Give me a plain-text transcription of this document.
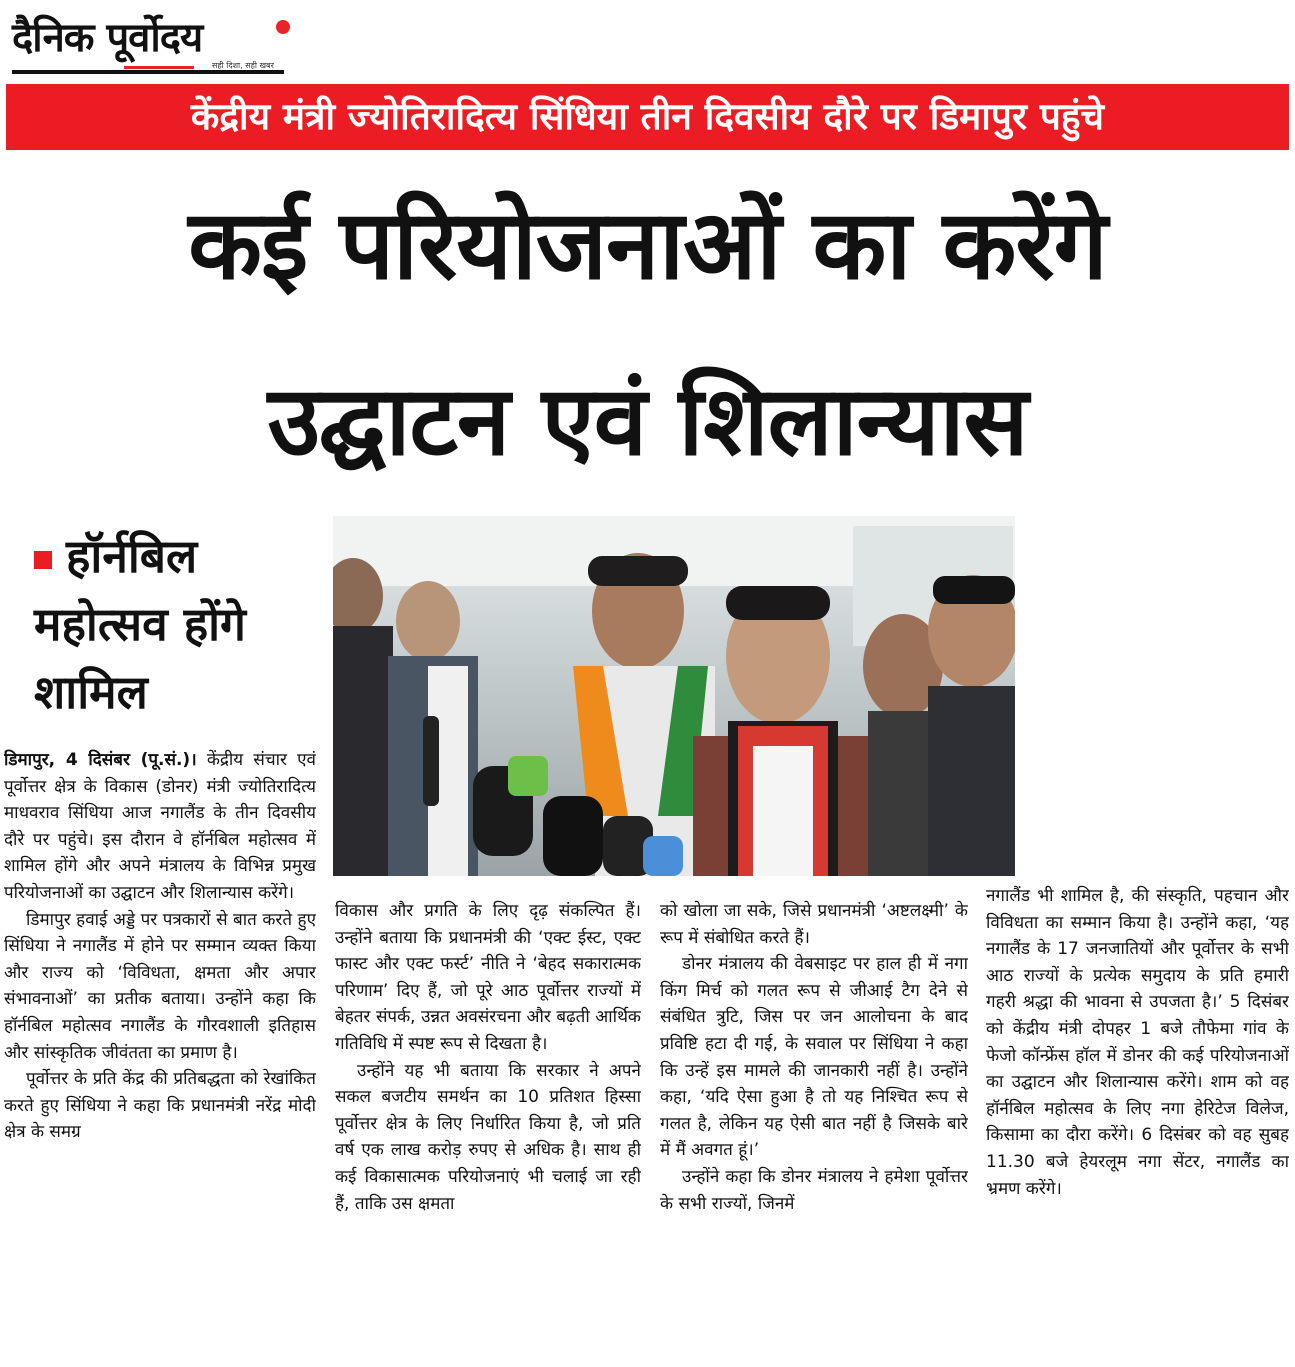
दैनिक पूर्वोदय
सही दिशा, सही खबर
केंद्रीय मंत्री ज्योतिरादित्य सिंधिया तीन दिवसीय दौरे पर डिमापुर पहुंचे
कई परियोजनाओं का करेंगे
उद्घाटन एवं शिलान्यास
हॉर्नबिल
महोत्सव होंगे
शामिल

डिमापुर, 4 दिसंबर (पू.सं.)। केंद्रीय संचार एवं पूर्वोत्तर क्षेत्र के विकास (डोनर) मंत्री ज्योतिरादित्य माधवराव सिंधिया आज नगालैंड के तीन दिवसीय दौरे पर पहुंचे। इस दौरान वे हॉर्नबिल महोत्सव में शामिल होंगे और अपने मंत्रालय के विभिन्न प्रमुख परियोजनाओं का उद्घाटन और शिलान्यास करेंगे।

डिमापुर हवाई अड्डे पर पत्रकारों से बात करते हुए सिंधिया ने नगालैंड में होने पर सम्मान व्यक्त किया और राज्य को ‘विविधता, क्षमता और अपार संभावनाओं’ का प्रतीक बताया। उन्होंने कहा कि हॉर्नबिल महोत्सव नगालैंड के गौरवशाली इतिहास और सांस्कृतिक जीवंतता का प्रमाण है।

पूर्वोत्तर के प्रति केंद्र की प्रतिबद्धता को रेखांकित करते हुए सिंधिया ने कहा कि प्रधानमंत्री नरेंद्र मोदी क्षेत्र के समग्र

विकास और प्रगति के लिए दृढ़ संकल्पित हैं। उन्होंने बताया कि प्रधानमंत्री की ‘एक्ट ईस्ट, एक्ट फास्ट और एक्ट फर्स्ट’ नीति ने ‘बेहद सकारात्मक परिणाम’ दिए हैं, जो पूरे आठ पूर्वोत्तर राज्यों में बेहतर संपर्क, उन्नत अवसंरचना और बढ़ती आर्थिक गतिविधि में स्पष्ट रूप से दिखता है।

उन्होंने यह भी बताया कि सरकार ने अपने सकल बजटीय समर्थन का 10 प्रतिशत हिस्सा पूर्वोत्तर क्षेत्र के लिए निर्धारित किया है, जो प्रति वर्ष एक लाख करोड़ रुपए से अधिक है। साथ ही कई विकासात्मक परियोजनाएं भी चलाई जा रही हैं, ताकि उस क्षमता

को खोला जा सके, जिसे प्रधानमंत्री ‘अष्टलक्ष्मी’ के रूप में संबोधित करते हैं।

डोनर मंत्रालय की वेबसाइट पर हाल ही में नगा किंग मिर्च को गलत रूप से जीआई टैग देने से संबंधित त्रुटि, जिस पर जन आलोचना के बाद प्रविष्टि हटा दी गई, के सवाल पर सिंधिया ने कहा कि उन्हें इस मामले की जानकारी नहीं है। उन्होंने कहा, ‘यदि ऐसा हुआ है तो यह निश्चित रूप से गलत है, लेकिन यह ऐसी बात नहीं है जिसके बारे में मैं अवगत हूं।’

उन्होंने कहा कि डोनर मंत्रालय ने हमेशा पूर्वोत्तर के सभी राज्यों, जिनमें

नगालैंड भी शामिल है, की संस्कृति, पहचान और विविधता का सम्मान किया है। उन्होंने कहा, ‘यह नगालैंड के 17 जनजातियों और पूर्वोत्तर के सभी आठ राज्यों के प्रत्येक समुदाय के प्रति हमारी गहरी श्रद्धा की भावना से उपजता है।’ 5 दिसंबर को केंद्रीय मंत्री दोपहर 1 बजे तौफेमा गांव के फेजो कॉन्फ्रेंस हॉल में डोनर की कई परियोजनाओं का उद्घाटन और शिलान्यास करेंगे। शाम को वह हॉर्नबिल महोत्सव के लिए नगा हेरिटेज विलेज, किसामा का दौरा करेंगे। 6 दिसंबर को वह सुबह 11.30 बजे हेयरलूम नगा सेंटर, नगालैंड का भ्रमण करेंगे।
